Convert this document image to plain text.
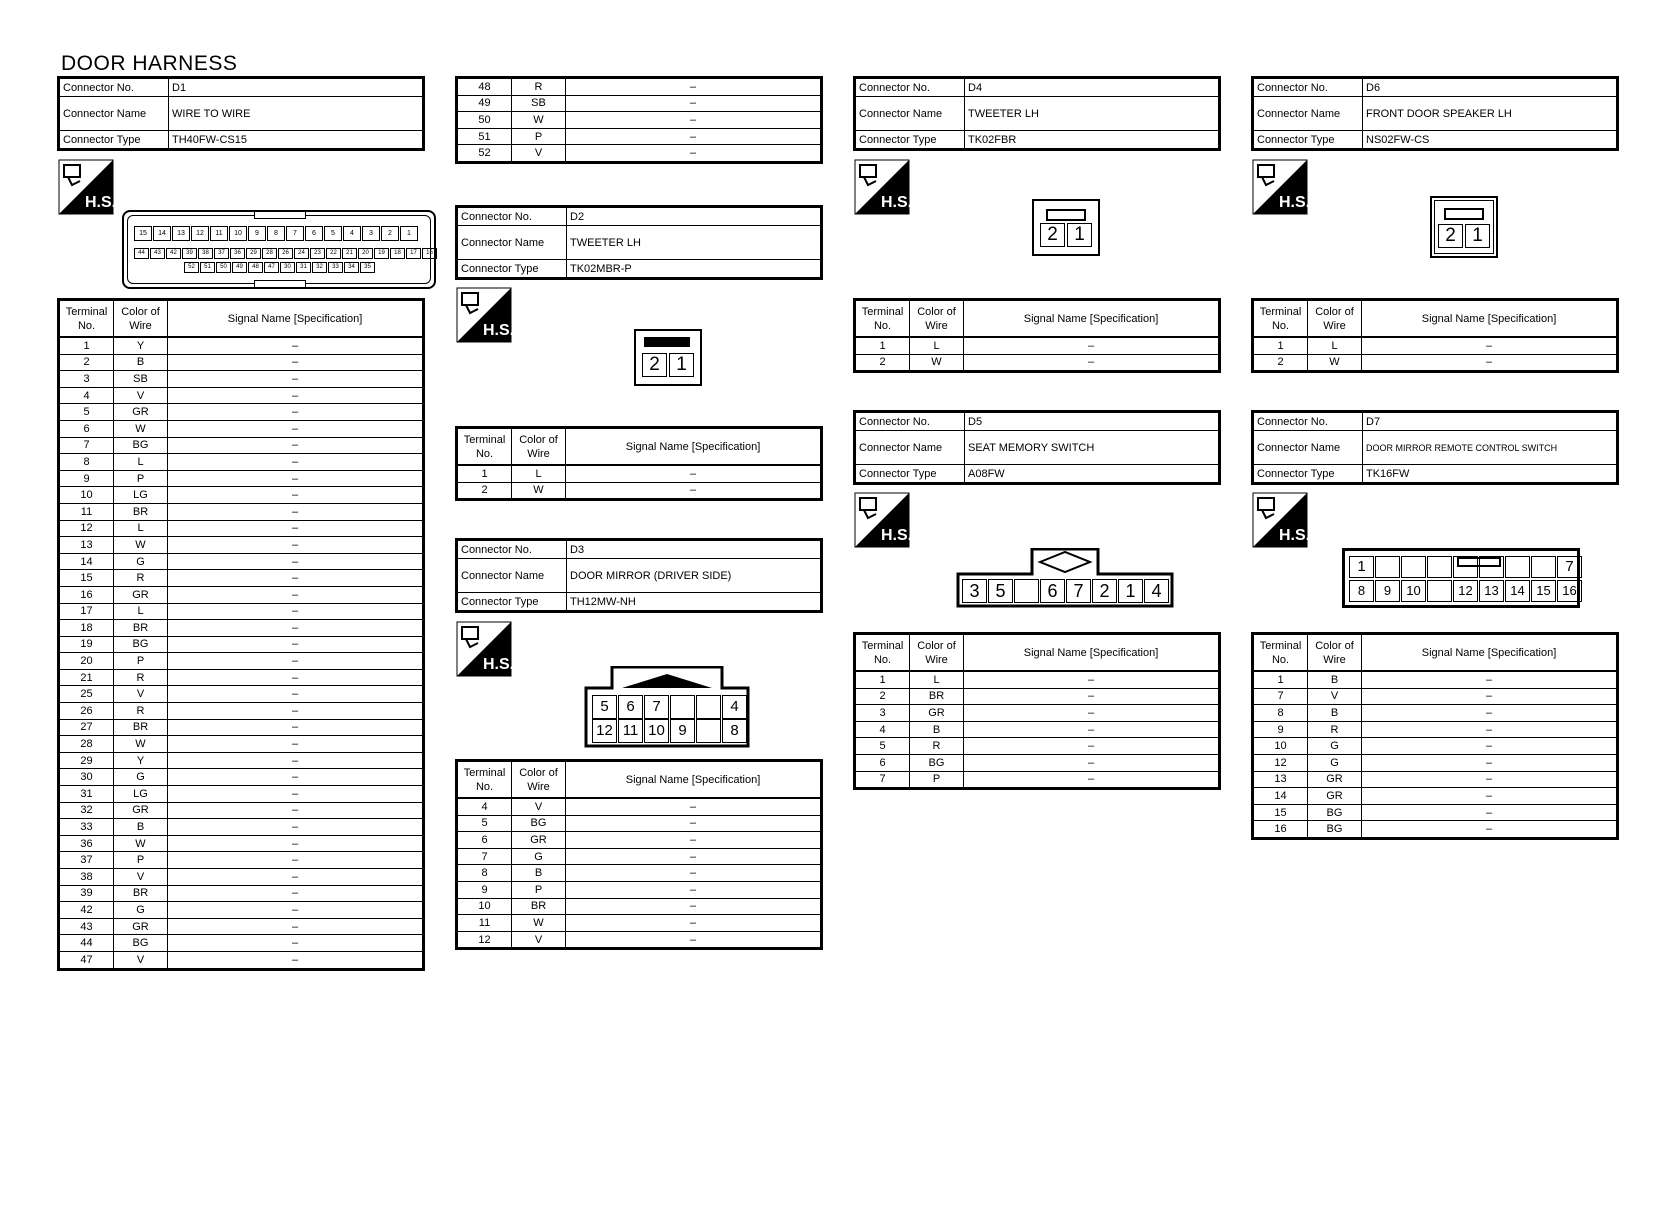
DOOR HARNESS
Connector No.	D1
Connector Name	WIRE TO WIRE
Connector Type	TH40FW-CS15
H.S.
15	14	13	12	11	10	9	8	7	6	5	4	3	2	1
44	43	42	39	38	37	36	29	28	26	24	23	22	21	20	19	18	17	16
52	51	50	49	48	47	30	31	32	33	34	35
Terminal No.	Color of Wire	Signal Name [Specification]
1	Y	–
2	B	–
3	SB	–
4	V	–
5	GR	–
6	W	–
7	BG	–
8	L	–
9	P	–
10	LG	–
11	BR	–
12	L	–
13	W	–
14	G	–
15	R	–
16	GR	–
17	L	–
18	BR	–
19	BG	–
20	P	–
21	R	–
25	V	–
26	R	–
27	BR	–
28	W	–
29	Y	–
30	G	–
31	LG	–
32	GR	–
33	B	–
36	W	–
37	P	–
38	V	–
39	BR	–
42	G	–
43	GR	–
44	BG	–
47	V	–
48	R	–
49	SB	–
50	W	–
51	P	–
52	V	–
Connector No.	D2
Connector Name	TWEETER LH
Connector Type	TK02MBR-P
H.S.
2 1
Terminal No.	Color of Wire	Signal Name [Specification]
1	L	–
2	W	–
Connector No.	D3
Connector Name	DOOR MIRROR (DRIVER SIDE)
Connector Type	TH12MW-NH
H.S.
5	6	7	4
12 11 10 9	8
Terminal No.	Color of Wire	Signal Name [Specification]
4	V	–
5	BG	–
6	GR	–
7	G	–
8	B	–
9	P	–
10	BR	–
11	W	–
12	V	–
Connector No.	D4
Connector Name	TWEETER LH
Connector Type	TK02FBR
H.S.
2 1
Terminal No.	Color of Wire	Signal Name [Specification]
1	L	–
2	W	–
Connector No.	D5
Connector Name	SEAT MEMORY SWITCH
Connector Type	A08FW
H.S.
3 5	6 7 2 1 4
Terminal No.	Color of Wire	Signal Name [Specification]
1	L	–
2	BR	–
3	GR	–
4	B	–
5	R	–
6	BG	–
7	P	–
Connector No.	D6
Connector Name	FRONT DOOR SPEAKER LH
Connector Type	NS02FW-CS
H.S.
2 1
Terminal No.	Color of Wire	Signal Name [Specification]
1	L	–
2	W	–
Connector No.	D7
Connector Name	DOOR MIRROR REMOTE CONTROL SWITCH
Connector Type	TK16FW
H.S.
1	7
8	9	10	12 13 14 15 16
Terminal No.	Color of Wire	Signal Name [Specification]
1	B	–
7	V	–
8	B	–
9	R	–
10	G	–
12	G	–
13	GR	–
14	GR	–
15	BG	–
16	BG	–
